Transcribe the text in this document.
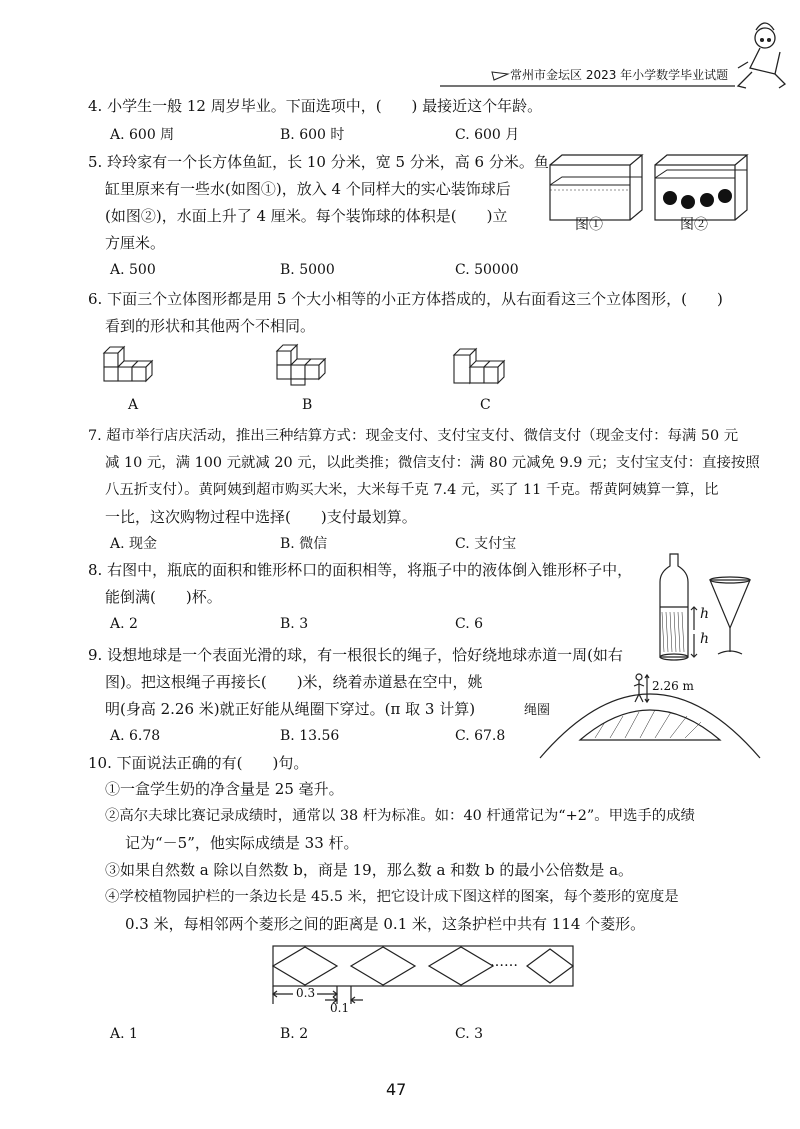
常州市金坛区 2023 年小学数学毕业试题
4. 小学生一般 12 周岁毕业。下面选项中，(　　) 最接近这个年龄。
A. 600 周	B. 600 时	C. 600 月
5. 玲玲家有一个长方体鱼缸，长 10 分米，宽 5 分米，高 6 分米。鱼
缸里原来有一些水(如图①)，放入 4 个同样大的实心装饰球后
(如图②)，水面上升了 4 厘米。每个装饰球的体积是(　　)立
方厘米。
图①	图②
A. 500	B. 5000	C. 50000
6. 下面三个立体图形都是用 5 个大小相等的小正方体搭成的，从右面看这三个立体图形，(　　)
看到的形状和其他两个不相同。
A	B	C
7. 超市举行店庆活动，推出三种结算方式：现金支付、支付宝支付、微信支付（现金支付：每满 50 元
减 10 元，满 100 元就减 20 元，以此类推；微信支付：满 80 元减免 9.9 元；支付宝支付：直接按照
八五折支付）。黄阿姨到超市购买大米，大米每千克 7.4 元，买了 11 千克。帮黄阿姨算一算，比
一比，这次购物过程中选择(　　)支付最划算。
A. 现金	B. 微信	C. 支付宝
8. 右图中，瓶底的面积和锥形杯口的面积相等，将瓶子中的液体倒入锥形杯子中，
能倒满(　　)杯。
A. 2	B. 3	C. 6
h
h
9. 设想地球是一个表面光滑的球，有一根很长的绳子，恰好绕地球赤道一周(如右
图)。把这根绳子再接长(　　)米，绕着赤道悬在空中，姚
明(身高 2.26 米)就正好能从绳圈下穿过。(π 取 3 计算)
A. 6.78	B. 13.56	C. 67.8
2.26 m
绳圈
10. 下面说法正确的有(　　)句。
①一盒学生奶的净含量是 25 毫升。
②高尔夫球比赛记录成绩时，通常以 38 杆为标准。如：40 杆通常记为“+2”。甲选手的成绩
记为“－5”，他实际成绩是 33 杆。
③如果自然数 a 除以自然数 b，商是 19，那么数 a 和数 b 的最小公倍数是 a。
④学校植物园护栏的一条边长是 45.5 米，把它设计成下图这样的图案，每个菱形的宽度是
0.3 米，每相邻两个菱形之间的距离是 0.1 米，这条护栏中共有 114 个菱形。
……
0.3
0.1
A. 1	B. 2	C. 3
47
